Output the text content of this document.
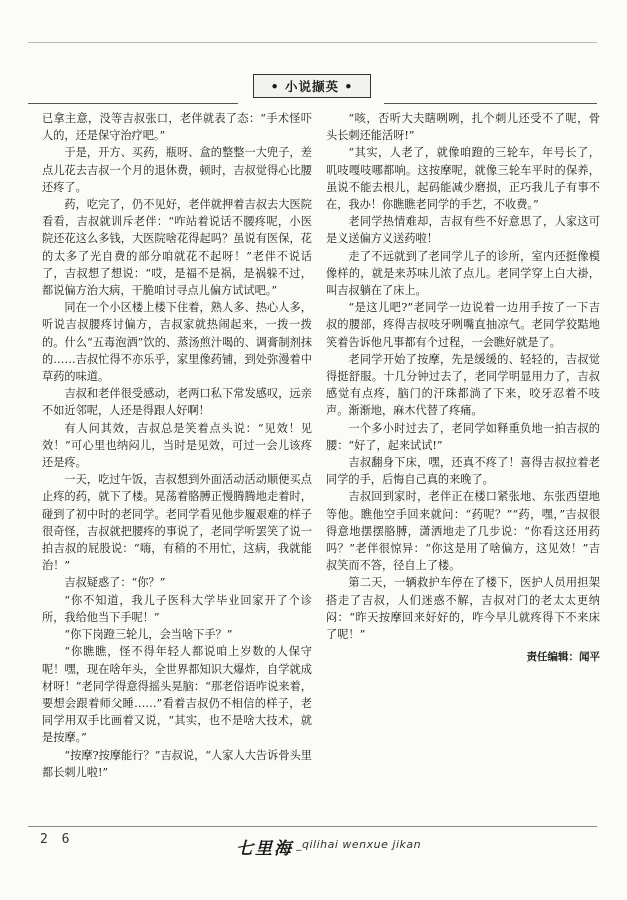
• 小说撷英 •

已拿主意，没等吉叔张口，老伴就表了态：“手术怪吓人的，还是保守治疗吧。”

于是，开方、买药，瓶呀、盒的整整一大兜子，差点儿花去吉叔一个月的退休费，顿时，吉叔觉得心比腰还疼了。

药，吃完了，仍不见好，老伴就押着吉叔去大医院看看，吉叔就训斥老伴：“咋站着说话不腰疼呢，小医院还花这么多钱，大医院啥花得起吗？虽说有医保，花的太多了光自费的部分咱就花不起呀！”老伴不说话了，吉叔想了想说：“哎，是福不是祸，是祸躲不过，都说偏方治大病，干脆咱讨寻点儿偏方试试吧。”

同在一个小区楼上楼下住着，熟人多、热心人多，听说吉叔腰疼讨偏方，吉叔家就热闹起来，一拨一拨的。什么“五毒泡酒”饮的、蒸汤煎汁喝的、调膏制剂抹的……吉叔忙得不亦乐乎，家里像药铺，到处弥漫着中草药的味道。

吉叔和老伴很受感动，老两口私下常发感叹，远亲不如近邻呢，人还是得跟人好啊！

有人问其效，吉叔总是笑着点头说：“见效！见效！”可心里也纳闷儿，当时是见效，可过一会儿该疼还是疼。

一天，吃过午饭，吉叔想到外面活动活动顺便买点止疼的药，就下了楼。晃荡着胳膊正慢腾腾地走着时，碰到了初中时的老同学。老同学看见他步履艰难的样子很奇怪，吉叔就把腰疼的事说了，老同学听罢笑了说一拍吉叔的屁股说：“嗨，有稍的不用忙，这病，我就能治！”

吉叔疑惑了：“你？”

“你不知道，我儿子医科大学毕业回家开了个诊所，我给他当下手呢！”

“你下岗蹬三轮儿，会当啥下手？”

“你瞧瞧，怪不得年轻人都说咱上岁数的人保守呢！嘿，现在啥年头，全世界都知识大爆炸，自学就成材呀！”老同学得意得摇头晃脑：“那老俗语咋说来着，要想会跟着师父睡……”看着吉叔仍不相信的样子，老同学用双手比画着又说，“其实，也不是啥大技术，就是按摩。”

“按摩?按摩能行？”吉叔说，“人家人大告诉骨头里都长刺儿啦!”

“咳，否听大夫瞎咧咧，扎个刺儿还受不了呢，骨头长刺还能活呀!”

“其实，人老了，就像咱蹬的三轮车，年号长了，叽吱嘎吱哪都响。这按摩呢，就像三轮车平时的保养，虽说不能去根儿，起码能减少磨损，正巧我儿子有事不在，我办！你瞧瞧老同学的手艺，不收费。”

老同学热情难却，吉叔有些不好意思了，人家这可是义送偏方义送药啦！

走了不远就到了老同学儿子的诊所，室内还挺像模像样的，就是来苏味儿浓了点儿。老同学穿上白大褂，叫吉叔躺在了床上。

“是这儿吧?”老同学一边说着一边用手按了一下吉叔的腰部，疼得吉叔吱牙咧嘴直抽凉气。老同学狡黠地笑着告诉他凡事都有个过程，一会瞧好就是了。

老同学开始了按摩，先是缓缓的、轻轻的，吉叔觉得挺舒服。十几分钟过去了，老同学明显用力了，吉叔感觉有点疼，脑门的汗珠都淌了下来，咬牙忍着不吱声。渐渐地，麻木代替了疼痛。

一个多小时过去了，老同学如释重负地一拍吉叔的腰：“好了，起来试试!”

吉叔翻身下床，嘿，还真不疼了！喜得吉叔拉着老同学的手，后悔自己真的来晚了。

吉叔回到家时，老伴正在楼口紧张地、东张西望地等他。瞧他空手回来就问：“药呢？”“药，嘿，”吉叔很得意地摆摆胳膊，潇洒地走了几步说：“你看这还用药吗？”老伴很惊异：“你这是用了啥偏方，这见效！”吉叔笑而不答，径自上了楼。

第二天，一辆救护车停在了楼下，医护人员用担架搭走了吉叔，人们迷惑不解，吉叔对门的老太太更纳闷：“昨天按摩回来好好的，咋今早儿就疼得下不来床了呢！”

责任编辑：闻平

2 6	七里海 _qilihai wenxue jikan
